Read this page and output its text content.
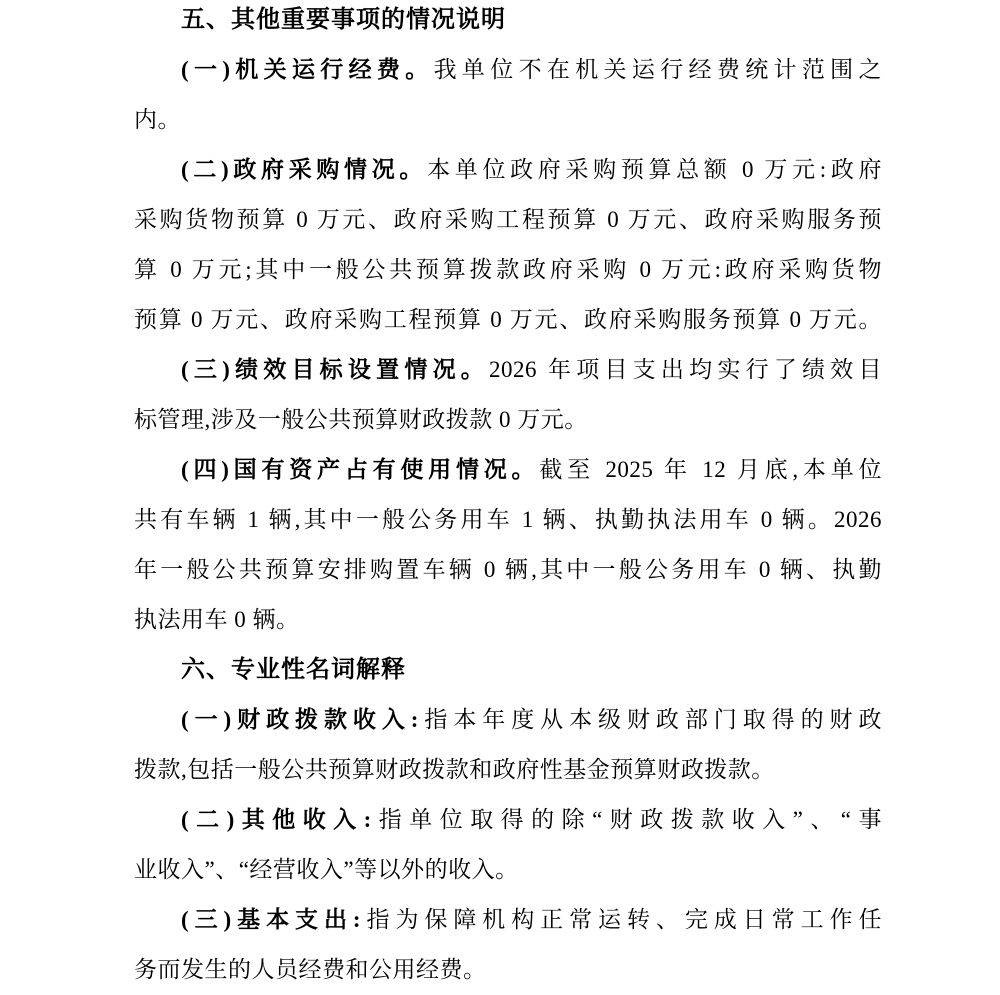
五、其他重要事项的情况说明
(一)机关运行经费。我单位不在机关运行经费统计范围之
内。
(二)政府采购情况。本单位政府采购预算总额 0 万元:政府
采购货物预算 0 万元、政府采购工程预算 0 万元、政府采购服务预
算 0 万元;其中一般公共预算拨款政府采购 0 万元:政府采购货物
预算 0 万元、政府采购工程预算 0 万元、政府采购服务预算 0 万元。
(三)绩效目标设置情况。2026 年项目支出均实行了绩效目
标管理,涉及一般公共预算财政拨款 0 万元。
(四)国有资产占有使用情况。截至 2025 年 12 月底,本单位
共有车辆 1 辆,其中一般公务用车 1 辆、执勤执法用车 0 辆。2026
年一般公共预算安排购置车辆 0 辆,其中一般公务用车 0 辆、执勤
执法用车 0 辆。
六、专业性名词解释
(一)财政拨款收入:指本年度从本级财政部门取得的财政
拨款,包括一般公共预算财政拨款和政府性基金预算财政拨款。
(二)其他收入:指单位取得的除“财政拨款收入”、“事
业收入”、“经营收入”等以外的收入。
(三)基本支出:指为保障机构正常运转、完成日常工作任
务而发生的人员经费和公用经费。
